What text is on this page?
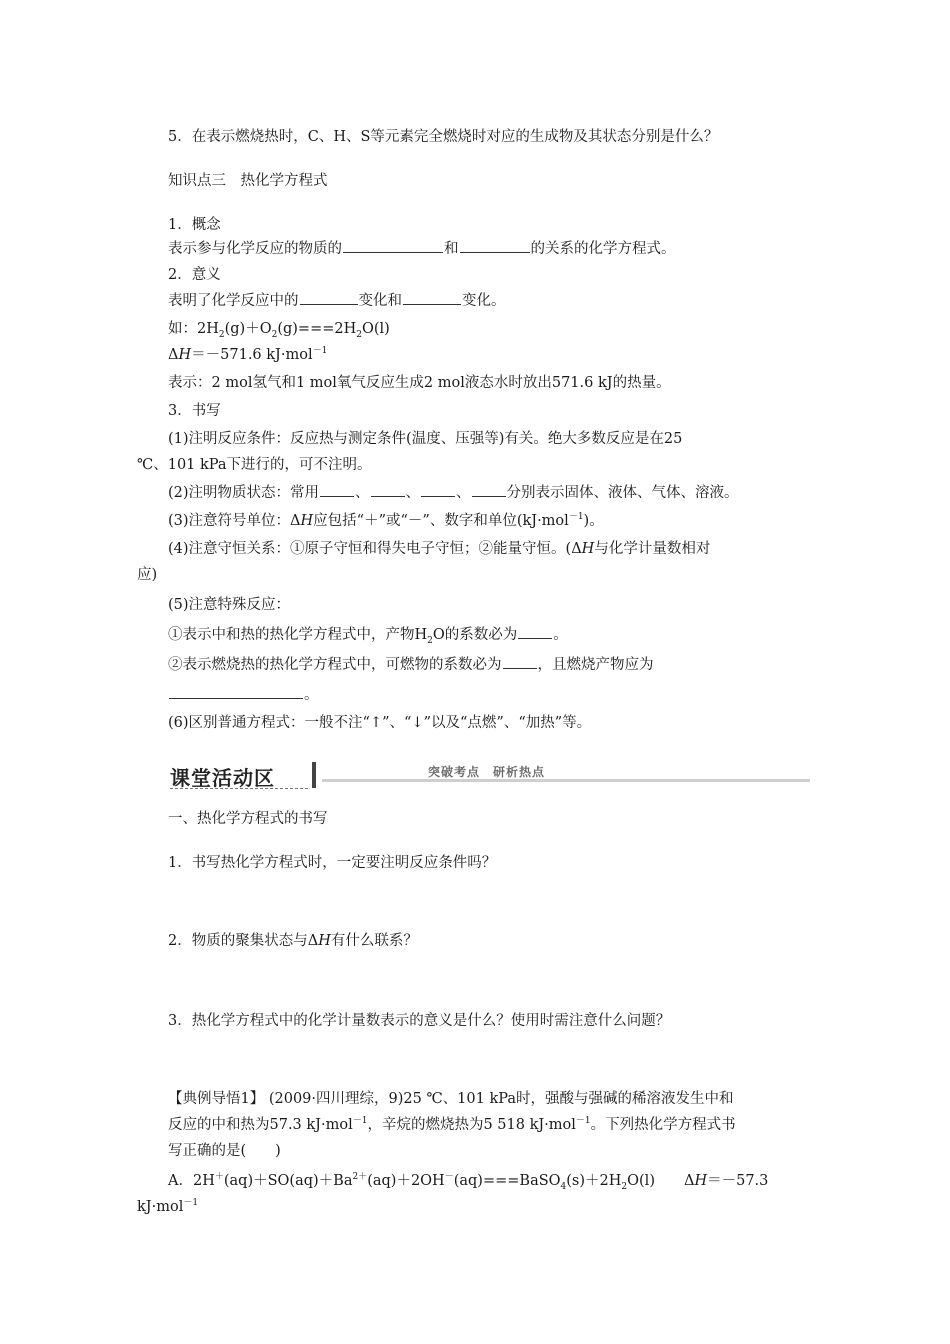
5．在表示燃烧热时，C、H、S等元素完全燃烧时对应的生成物及其状态分别是什么？
知识点三　热化学方程式
1．概念
表示参与化学反应的物质的	和	的关系的化学方程式。
2．意义
表明了化学反应中的	变化和	变化。
如：$2H_2(g)+O_2(g)===2H_2O(l)$
ΔH＝－571.6 kJ·mol$^{-1}$
表示：2 mol氢气和1 mol氧气反应生成2 mol液态水时放出571.6 kJ的热量。
3．书写
(1)注明反应条件：反应热与测定条件(温度、压强等)有关。绝大多数反应是在25
℃、101 kPa下进行的，可不注明。
(2)注明物质状态：常用 、 、 、 分别表示固体、液体、气体、溶液。
(3)注意符号单位：ΔH应包括“＋”或“－”、数字和单位(kJ·mol$^{-1}$)。
(4)注意守恒关系：①原子守恒和得失电子守恒；②能量守恒。(ΔH与化学计量数相对
应)
(5)注意特殊反应：
①表示中和热的热化学方程式中，产物$H_2O$的系数必为 。
②表示燃烧热的热化学方程式中，可燃物的系数必为 ，且燃烧产物应为
。
(6)区别普通方程式：一般不注“↑”、“↓”以及“点燃”、“加热”等。
课堂活动区	突破考点　研析热点
一、热化学方程式的书写
1．书写热化学方程式时，一定要注明反应条件吗？
2．物质的聚集状态与ΔH有什么联系？
3．热化学方程式中的化学计量数表示的意义是什么？使用时需注意什么问题？
【典例导悟1】 (2009·四川理综，9)25 ℃、101 kPa时，强酸与强碱的稀溶液发生中和
反应的中和热为57.3 kJ·mol$^{-1}$，辛烷的燃烧热为5 518 kJ·mol$^{-1}$。下列热化学方程式书
写正确的是(　　)
A．$2H^+(aq)+SO(aq)+Ba^{2+}(aq)+2OH^-(aq)===BaSO_4(s)+2H_2O(l)$　　ΔH＝－57.3
kJ·mol$^{-1}$
